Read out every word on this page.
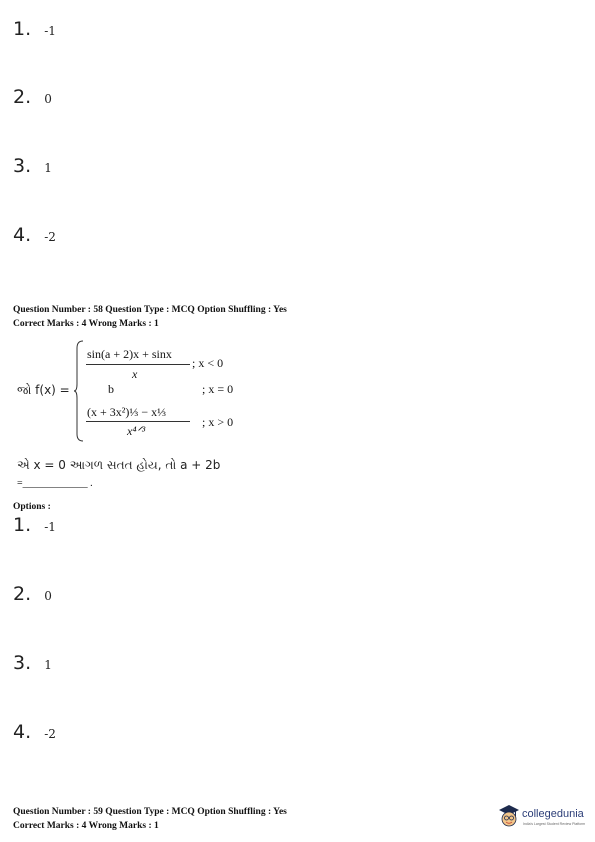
1. -1
2. 0
3. 1
4. -2
Question Number : 58 Question Type : MCQ Option Shuffling : Yes
Correct Marks : 4 Wrong Marks : 1
જો f(x) =
sin(a + 2)x + sinx
x
; x < 0
b	; x = 0
(x + 3x²)⅓ − x⅓
x⁴ᐟ³
; x > 0
એ x = 0 આગળ સતત હોય, તો a + 2b
=_____________ .
Options :
1. -1
2. 0
3. 1
4. -2
Question Number : 59 Question Type : MCQ Option Shuffling : Yes
Correct Marks : 4 Wrong Marks : 1
collegedunia
India's Largest Student Review Platform
